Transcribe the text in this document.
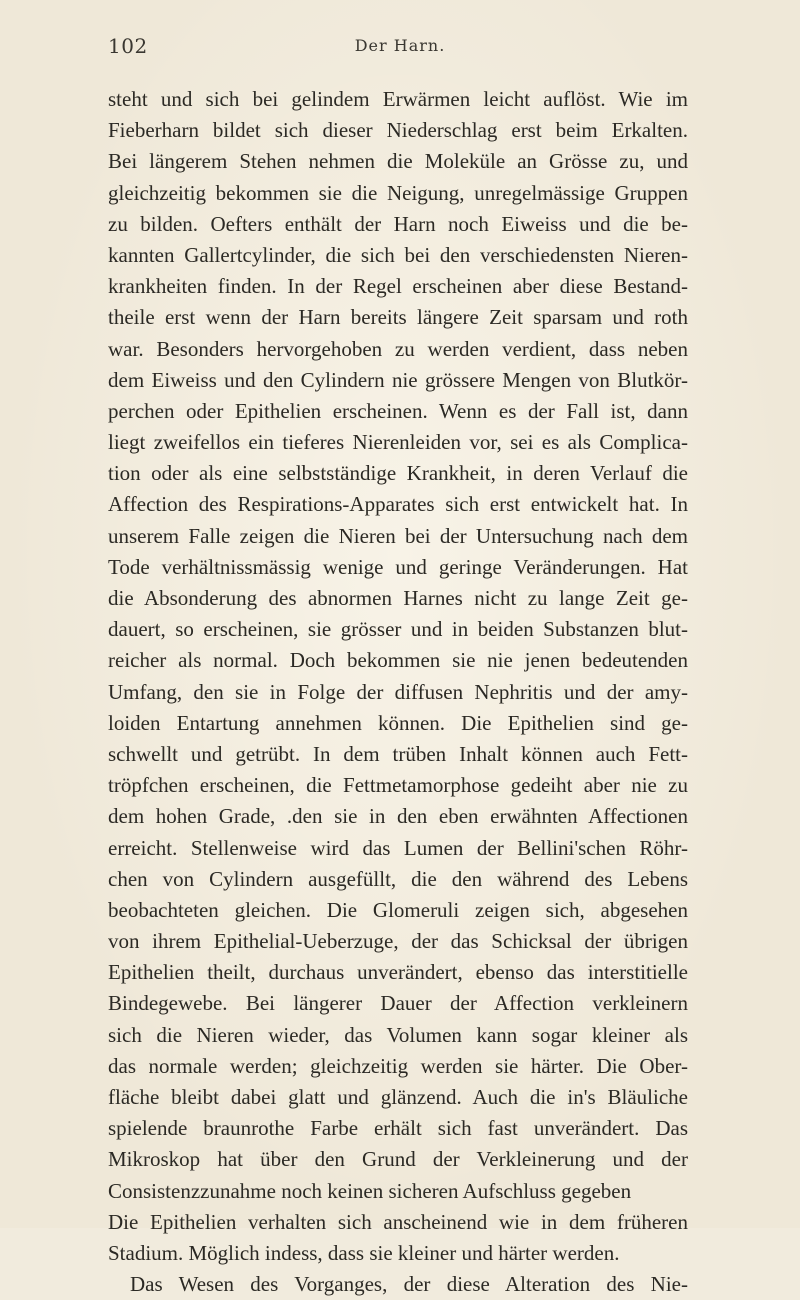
102	Der Harn.
steht und sich bei gelindem Erwärmen leicht auflöst. Wie im
Fieberharn bildet sich dieser Niederschlag erst beim Erkalten.
Bei längerem Stehen nehmen die Moleküle an Grösse zu, und
gleichzeitig bekommen sie die Neigung, unregelmässige Gruppen
zu bilden. Oefters enthält der Harn noch Eiweiss und die be-
kannten Gallertcylinder, die sich bei den verschiedensten Nieren-
krankheiten finden. In der Regel erscheinen aber diese Bestand-
theile erst wenn der Harn bereits längere Zeit sparsam und roth
war. Besonders hervorgehoben zu werden verdient, dass neben
dem Eiweiss und den Cylindern nie grössere Mengen von Blutkör-
perchen oder Epithelien erscheinen. Wenn es der Fall ist, dann
liegt zweifellos ein tieferes Nierenleiden vor, sei es als Complica-
tion oder als eine selbstständige Krankheit, in deren Verlauf die
Affection des Respirations-Apparates sich erst entwickelt hat. In
unserem Falle zeigen die Nieren bei der Untersuchung nach dem
Tode verhältnissmässig wenige und geringe Veränderungen. Hat
die Absonderung des abnormen Harnes nicht zu lange Zeit ge-
dauert, so erscheinen, sie grösser und in beiden Substanzen blut-
reicher als normal. Doch bekommen sie nie jenen bedeutenden
Umfang, den sie in Folge der diffusen Nephritis und der amy-
loiden Entartung annehmen können. Die Epithelien sind ge-
schwellt und getrübt. In dem trüben Inhalt können auch Fett-
tröpfchen erscheinen, die Fettmetamorphose gedeiht aber nie zu
dem hohen Grade, .den sie in den eben erwähnten Affectionen
erreicht. Stellenweise wird das Lumen der Bellini'schen Röhr-
chen von Cylindern ausgefüllt, die den während des Lebens
beobachteten gleichen. Die Glomeruli zeigen sich, abgesehen
von ihrem Epithelial-Ueberzuge, der das Schicksal der übrigen
Epithelien theilt, durchaus unverändert, ebenso das interstitielle
Bindegewebe. Bei längerer Dauer der Affection verkleinern
sich die Nieren wieder, das Volumen kann sogar kleiner als
das normale werden; gleichzeitig werden sie härter. Die Ober-
fläche bleibt dabei glatt und glänzend. Auch die in's Bläuliche
spielende braunrothe Farbe erhält sich fast unverändert. Das
Mikroskop hat über den Grund der Verkleinerung und der
Consistenzzunahme noch keinen sicheren Aufschluss gegeben
Die Epithelien verhalten sich anscheinend wie in dem früheren
Stadium. Möglich indess, dass sie kleiner und härter werden.
Das Wesen des Vorganges, der diese Alteration des Nie-
